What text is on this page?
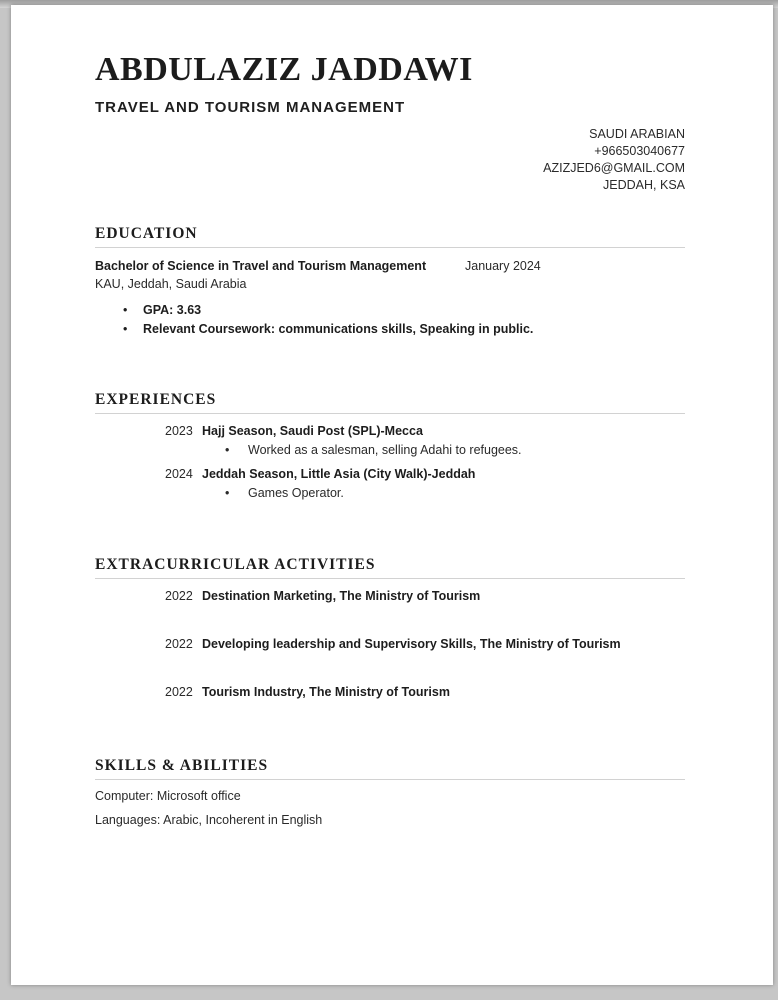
ABDULAZIZ JADDAWI
TRAVEL AND TOURISM MANAGEMENT
SAUDI ARABIAN
+966503040677
AZIZJED6@GMAIL.COM
JEDDAH, KSA
EDUCATION
Bachelor of Science in Travel and Tourism Management	January 2024
KAU, Jeddah, Saudi Arabia
•	GPA: 3.63
•	Relevant Coursework: communications skills, Speaking in public.
EXPERIENCES
2023 Hajj Season, Saudi Post (SPL)-Mecca
•	Worked as a salesman, selling Adahi to refugees.
2024 Jeddah Season, Little Asia (City Walk)-Jeddah
•	Games Operator.
EXTRACURRICULAR ACTIVITIES
2022 Destination Marketing, The Ministry of Tourism
2022 Developing leadership and Supervisory Skills, The Ministry of Tourism
2022 Tourism Industry, The Ministry of Tourism
SKILLS & ABILITIES
Computer: Microsoft office
Languages: Arabic, Incoherent in English
